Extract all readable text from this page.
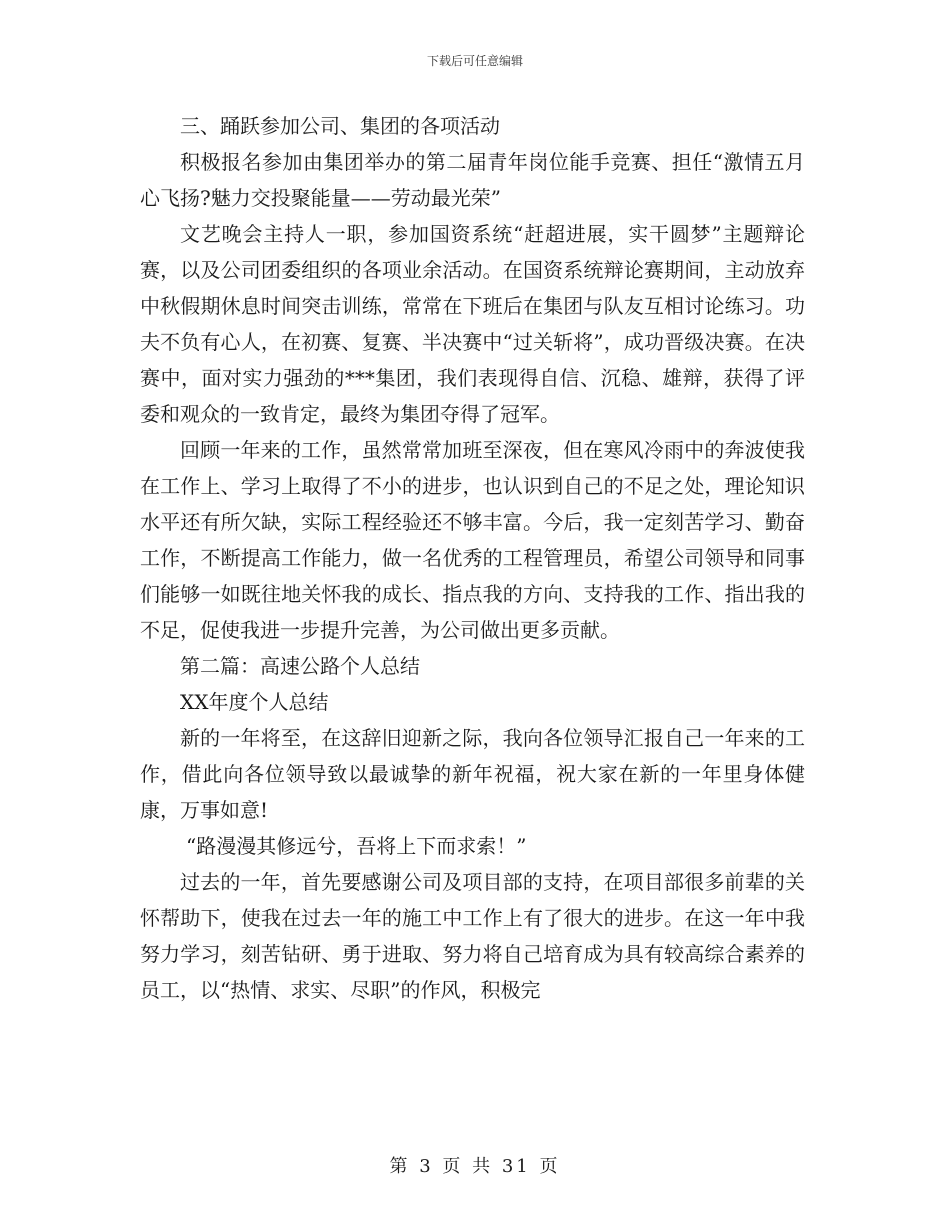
下载后可任意编辑

三、踊跃参加公司、集团的各项活动

积极报名参加由集团举办的第二届青年岗位能手竞赛、担任“激情五月心飞扬?魅力交投聚能量——劳动最光荣”

文艺晚会主持人一职，参加国资系统“赶超进展，实干圆梦”主题辩论赛，以及公司团委组织的各项业余活动。在国资系统辩论赛期间，主动放弃中秋假期休息时间突击训练，常常在下班后在集团与队友互相讨论练习。功夫不负有心人，在初赛、复赛、半决赛中“过关斩将”，成功晋级决赛。在决赛中，面对实力强劲的***集团，我们表现得自信、沉稳、雄辩，获得了评委和观众的一致肯定，最终为集团夺得了冠军。

回顾一年来的工作，虽然常常加班至深夜，但在寒风冷雨中的奔波使我在工作上、学习上取得了不小的进步，也认识到自己的不足之处，理论知识水平还有所欠缺，实际工程经验还不够丰富。今后，我一定刻苦学习、勤奋工作，不断提高工作能力，做一名优秀的工程管理员，希望公司领导和同事们能够一如既往地关怀我的成长、指点我的方向、支持我的工作、指出我的不足，促使我进一步提升完善，为公司做出更多贡献。

第二篇：高速公路个人总结

XX年度个人总结

新的一年将至，在这辞旧迎新之际，我向各位领导汇报自己一年来的工作，借此向各位领导致以最诚挚的新年祝福，祝大家在新的一年里身体健康，万事如意!

“路漫漫其修远兮，吾将上下而求索！”

过去的一年，首先要感谢公司及项目部的支持，在项目部很多前辈的关怀帮助下，使我在过去一年的施工中工作上有了很大的进步。在这一年中我努力学习，刻苦钻研、勇于进取、努力将自己培育成为具有较高综合素养的员工，以“热情、求实、尽职”的作风，积极完

第 3 页 共 31 页
